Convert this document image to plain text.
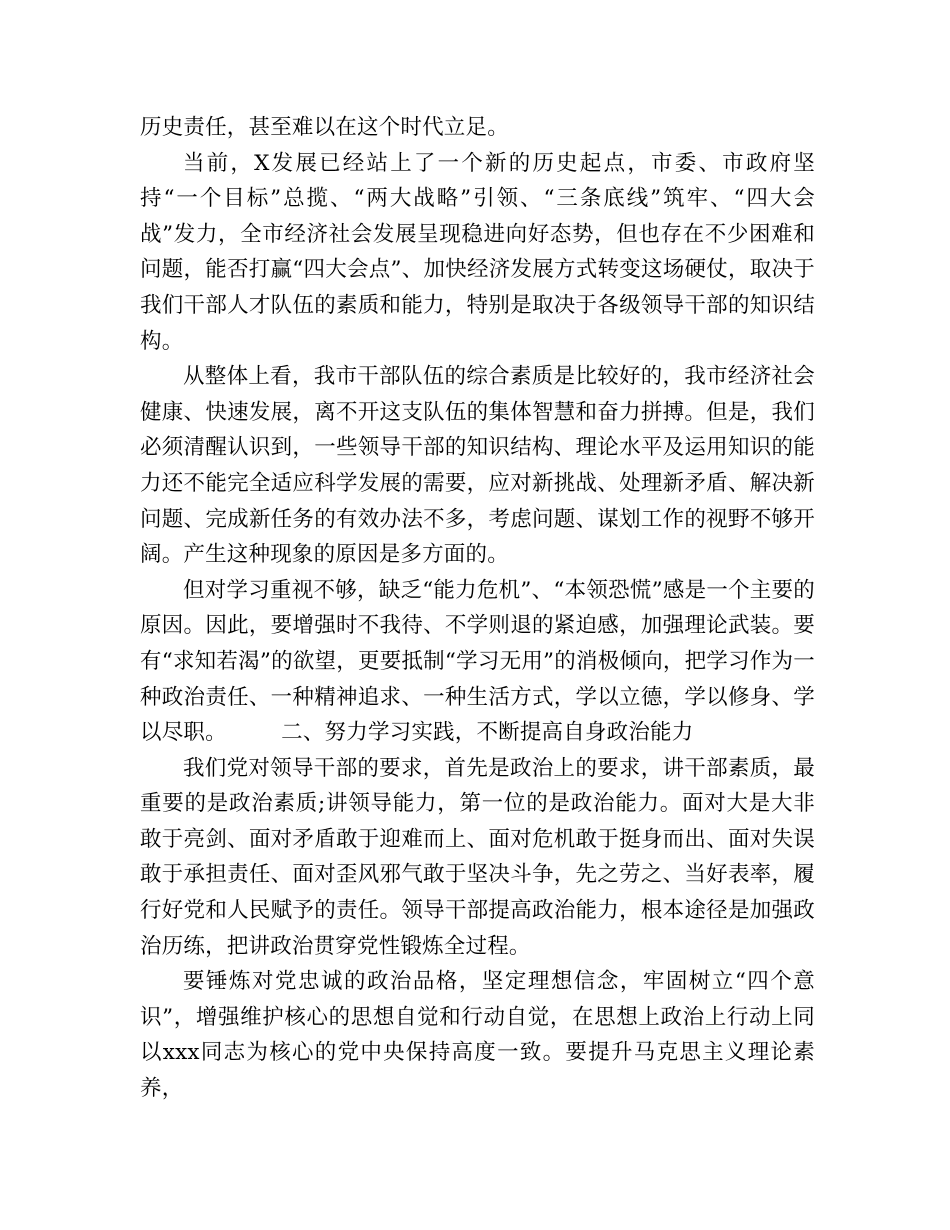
历史责任，甚至难以在这个时代立足。

当前，X发展已经站上了一个新的历史起点，市委、市政府坚持“一个目标”总揽、“两大战略”引领、“三条底线”筑牢、“四大会战”发力，全市经济社会发展呈现稳进向好态势，但也存在不少困难和问题，能否打赢“四大会点”、加快经济发展方式转变这场硬仗，取决于我们干部人才队伍的素质和能力，特别是取决于各级领导干部的知识结构。

从整体上看，我市干部队伍的综合素质是比较好的，我市经济社会健康、快速发展，离不开这支队伍的集体智慧和奋力拼搏。但是，我们必须清醒认识到，一些领导干部的知识结构、理论水平及运用知识的能力还不能完全适应科学发展的需要，应对新挑战、处理新矛盾、解决新问题、完成新任务的有效办法不多，考虑问题、谋划工作的视野不够开阔。产生这种现象的原因是多方面的。

但对学习重视不够，缺乏“能力危机”、“本领恐慌”感是一个主要的原因。因此，要增强时不我待、不学则退的紧迫感，加强理论武装。要有“求知若渴”的欲望，更要抵制“学习无用”的消极倾向，把学习作为一种政治责任、一种精神追求、一种生活方式，学以立德，学以修身、学以尽职。　　　二、努力学习实践，不断提高自身政治能力

我们党对领导干部的要求，首先是政治上的要求，讲干部素质，最重要的是政治素质;讲领导能力，第一位的是政治能力。面对大是大非敢于亮剑、面对矛盾敢于迎难而上、面对危机敢于挺身而出、面对失误敢于承担责任、面对歪风邪气敢于坚决斗争，先之劳之、当好表率，履行好党和人民赋予的责任。领导干部提高政治能力，根本途径是加强政治历练，把讲政治贯穿党性锻炼全过程。

要锤炼对党忠诚的政治品格，坚定理想信念，牢固树立“四个意识”，增强维护核心的思想自觉和行动自觉，在思想上政治上行动上同以xxx同志为核心的党中央保持高度一致。要提升马克思主义理论素养，
